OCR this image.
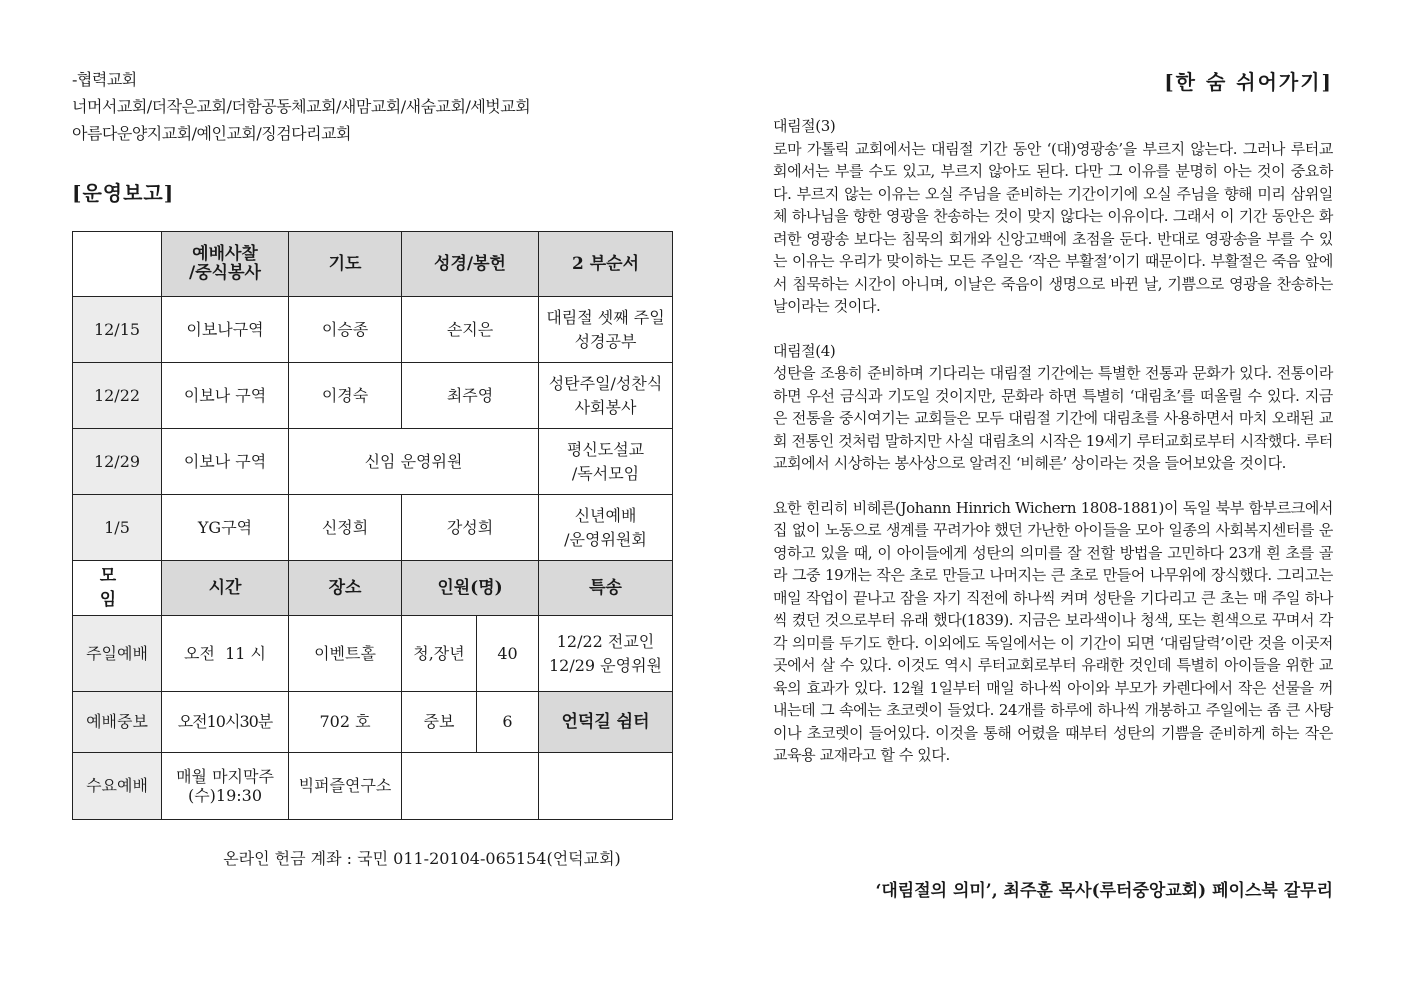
-협력교회
너머서교회/더작은교회/더함공동체교회/새맘교회/새숨교회/세벗교회
아름다운양지교회/예인교회/징검다리교회
[운영보고]
	예배사찰
/중식봉사	기도	성경/봉헌		2 부순서
12/15	이보나구역	이승종	손지은		대림절 셋째 주일
성경공부
12/22	이보나 구역	이경숙	최주영		성탄주일/성찬식
사회봉사
12/29	이보나 구역	신임 운영위원			평신도설교
/독서모임
1/5	YG구역	신정희	강성희		신년예배
/운영위원회
모 임	시간	장소	인원(명)		특송
주일예배	오전  11 시	이벤트홀	청,장년	40	12/22 전교인
12/29 운영위원
예배중보	오전10시30분	702 호	중보	6	언덕길 쉼터
수요예배	매월 마지막주
(수)19:30	빅퍼즐연구소			
온라인 헌금 계좌 : 국민 011-20104-065154(언덕교회)
[한 숨 쉬어가기]
대림절(3)

로마 가톨릭 교회에서는 대림절 기간 동안 ‘(대)영광송’을 부르지 않는다. 그러나 루터교회에서는 부를 수도 있고, 부르지 않아도 된다. 다만 그 이유를 분명히 아는 것이 중요하다. 부르지 않는 이유는 오실 주님을 준비하는 기간이기에 오실 주님을 향해 미리 삼위일체 하나님을 향한 영광을 찬송하는 것이 맞지 않다는 이유이다. 그래서 이 기간 동안은 화려한 영광송 보다는 침묵의 회개와 신앙고백에 초점을 둔다. 반대로 영광송을 부를 수 있는 이유는 우리가 맞이하는 모든 주일은 ‘작은 부활절’이기 때문이다. 부활절은 죽음 앞에서 침묵하는 시간이 아니며, 이날은 죽음이 생명으로 바뀐 날, 기쁨으로 영광을 찬송하는 날이라는 것이다.

대림절(4)

성탄을 조용히 준비하며 기다리는 대림절 기간에는 특별한 전통과 문화가 있다. 전통이라 하면 우선 금식과 기도일 것이지만, 문화라 하면 특별히 ‘대림초’를 떠올릴 수 있다. 지금은 전통을 중시여기는 교회들은 모두 대림절 기간에 대림초를 사용하면서 마치 오래된 교회 전통인 것처럼 말하지만 사실 대림초의 시작은 19세기 루터교회로부터 시작했다. 루터교회에서 시상하는 봉사상으로 알려진 ‘비헤른’ 상이라는 것을 들어보았을 것이다.

요한 힌리히 비헤른(Johann Hinrich Wichern 1808-1881)이 독일 북부 함부르크에서 집 없이 노동으로 생계를 꾸려가야 했던 가난한 아이들을 모아 일종의 사회복지센터를 운영하고 있을 때, 이 아이들에게 성탄의 의미를 잘 전할 방법을 고민하다 23개 흰 초를 골라 그중 19개는 작은 초로 만들고 나머지는 큰 초로 만들어 나무위에 장식했다. 그리고는 매일 작업이 끝나고 잠을 자기 직전에 하나씩 켜며 성탄을 기다리고 큰 초는 매 주일 하나씩 켰던 것으로부터 유래 했다(1839). 지금은 보라색이나 청색, 또는 흰색으로 꾸며서 각각 의미를 두기도 한다. 이외에도 독일에서는 이 기간이 되면 ‘대림달력’이란 것을 이곳저곳에서 살 수 있다. 이것도 역시 루터교회로부터 유래한 것인데 특별히 아이들을 위한 교육의 효과가 있다. 12월 1일부터 매일 하나씩 아이와 부모가 카렌다에서 작은 선물을 꺼내는데 그 속에는 초코렛이 들었다. 24개를 하루에 하나씩 개봉하고 주일에는 좀 큰 사탕이나 초코렛이 들어있다. 이것을 통해 어렸을 때부터 성탄의 기쁨을 준비하게 하는 작은 교육용 교재라고 할 수 있다.

‘대림절의 의미’, 최주훈 목사(루터중앙교회) 페이스북 갈무리
